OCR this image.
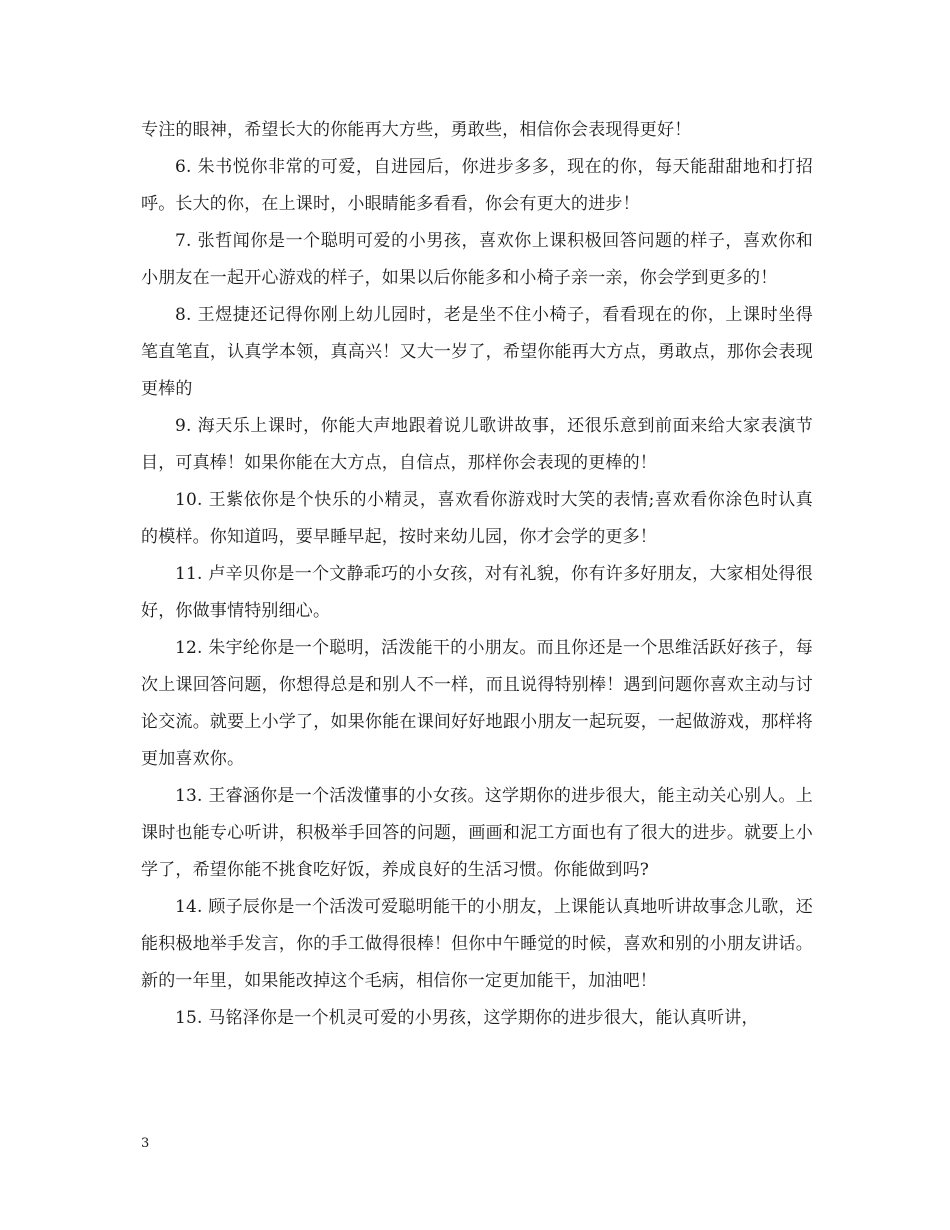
专注的眼神，希望长大的你能再大方些，勇敢些，相信你会表现得更好！

6. 朱书悦你非常的可爱，自进园后，你进步多多，现在的你，每天能甜甜地和打招呼。长大的你，在上课时，小眼睛能多看看，你会有更大的进步！

7. 张哲闻你是一个聪明可爱的小男孩，喜欢你上课积极回答问题的样子，喜欢你和小朋友在一起开心游戏的样子，如果以后你能多和小椅子亲一亲，你会学到更多的！

8. 王煜捷还记得你刚上幼儿园时，老是坐不住小椅子，看看现在的你，上课时坐得笔直笔直，认真学本领，真高兴！又大一岁了，希望你能再大方点，勇敢点，那你会表现更棒的

9. 海天乐上课时，你能大声地跟着说儿歌讲故事，还很乐意到前面来给大家表演节目，可真棒！如果你能在大方点，自信点，那样你会表现的更棒的！

10. 王紫依你是个快乐的小精灵，喜欢看你游戏时大笑的表情;喜欢看你涂色时认真的模样。你知道吗，要早睡早起，按时来幼儿园，你才会学的更多！

11. 卢辛贝你是一个文静乖巧的小女孩，对有礼貌，你有许多好朋友，大家相处得很好，你做事情特别细心。

12. 朱宇纶你是一个聪明，活泼能干的小朋友。而且你还是一个思维活跃好孩子，每次上课回答问题，你想得总是和别人不一样，而且说得特别棒！遇到问题你喜欢主动与讨论交流。就要上小学了，如果你能在课间好好地跟小朋友一起玩耍，一起做游戏，那样将更加喜欢你。

13. 王睿涵你是一个活泼懂事的小女孩。这学期你的进步很大，能主动关心别人。上课时也能专心听讲，积极举手回答的问题，画画和泥工方面也有了很大的进步。就要上小学了，希望你能不挑食吃好饭，养成良好的生活习惯。你能做到吗?

14. 顾子辰你是一个活泼可爱聪明能干的小朋友，上课能认真地听讲故事念儿歌，还能积极地举手发言，你的手工做得很棒！但你中午睡觉的时候，喜欢和别的小朋友讲话。新的一年里，如果能改掉这个毛病，相信你一定更加能干，加油吧！

15. 马铭泽你是一个机灵可爱的小男孩，这学期你的进步很大，能认真听讲，

3
